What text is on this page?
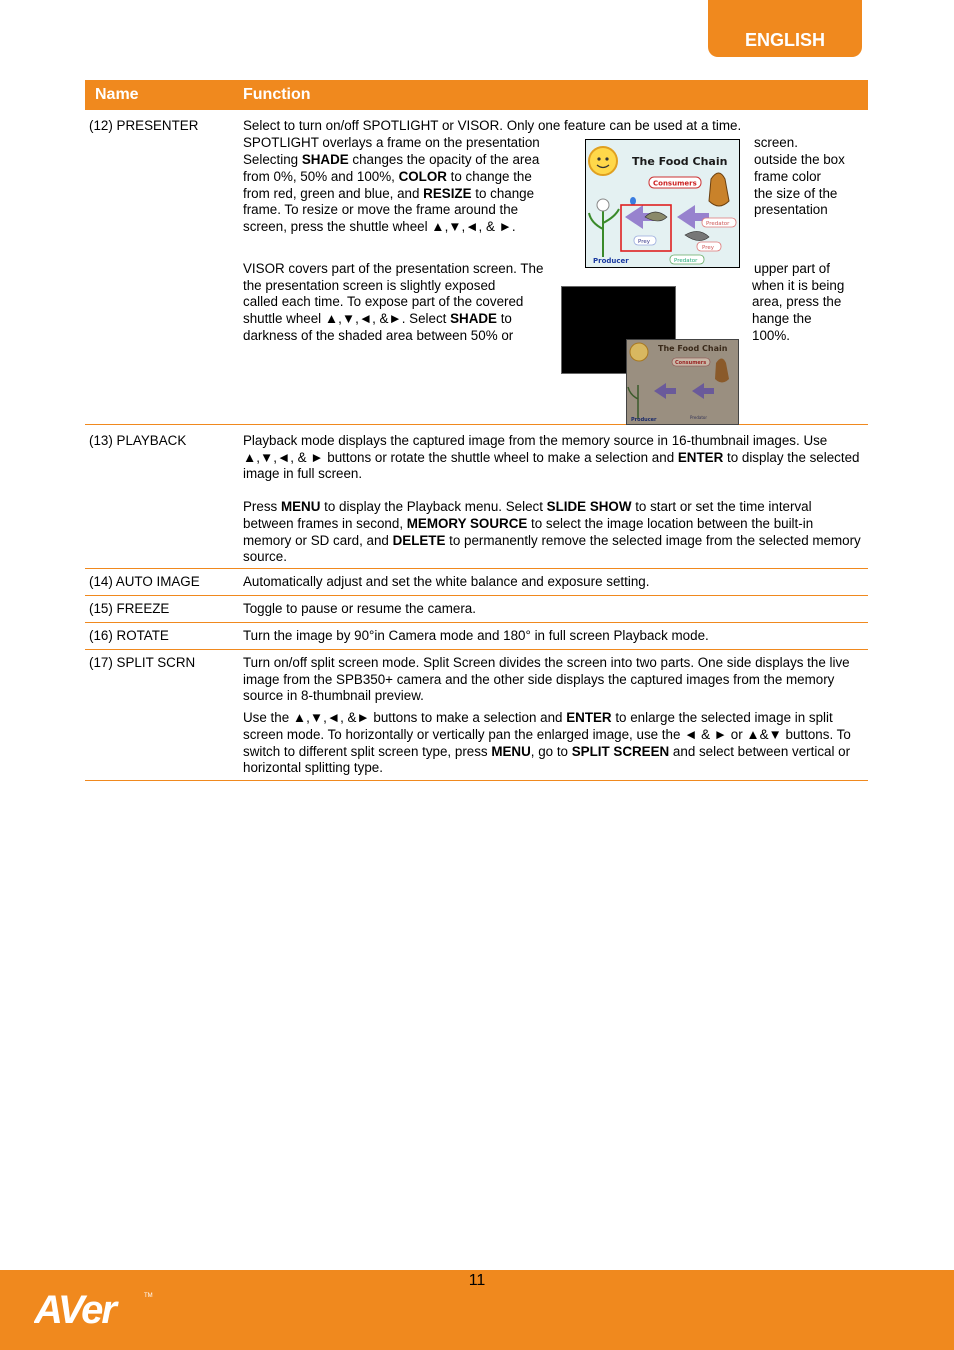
ENGLISH
Name	Function
(12) PRESENTER	Select to turn on/off SPOTLIGHT or VISOR. Only one feature can be used at a time.
SPOTLIGHT overlays a frame on the presentation
Selecting SHADE changes the opacity of the area
from 0%, 50% and 100%, COLOR to change the
from red, green and blue, and RESIZE to change
frame. To resize or move the frame around the
screen, press the shuttle wheel ▲,▼,◄, & ►.
screen.
outside the box
frame color
the size of the
presentation
The Food Chain
Consumers
Predator
Prey
Prey
Predator
Producer
VISOR covers part of the presentation screen. The
the presentation screen is slightly exposed
called each time. To expose part of the covered
shuttle wheel ▲,▼,◄, &►. Select SHADE to
darkness of the shaded area between 50% or
upper part of
when it is being
area, press the
hange the
100%.
The Food Chain
Consumers
Producer	Predator
(13) PLAYBACK	Playback mode displays the captured image from the memory source in 16-thumbnail images. Use ▲,▼,◄, & ► buttons or rotate the shuttle wheel to make a selection and ENTER to display the selected image in full screen.

Press MENU to display the Playback menu. Select SLIDE SHOW to start or set the time interval between frames in second, MEMORY SOURCE to select the image location between the built-in memory or SD card, and DELETE to permanently remove the selected image from the selected memory source.

(14) AUTO IMAGE	Automatically adjust and set the white balance and exposure setting.
(15) FREEZE	Toggle to pause or resume the camera.
(16) ROTATE	Turn the image by 90°in Camera mode and 180° in full screen Playback mode.
(17) SPLIT SCRN	Turn on/off split screen mode. Split Screen divides the screen into two parts. One side displays the live image from the SPB350+ camera and the other side displays the captured images from the memory source in 8-thumbnail preview.

Use the ▲,▼,◄, &► buttons to make a selection and ENTER to enlarge the selected image in split screen mode. To horizontally or vertically pan the enlarged image, use the ◄ & ► or ▲&▼ buttons. To switch to different split screen type, press MENU, go to SPLIT SCREEN and select between vertical or horizontal splitting type.

11
AVer	TM
